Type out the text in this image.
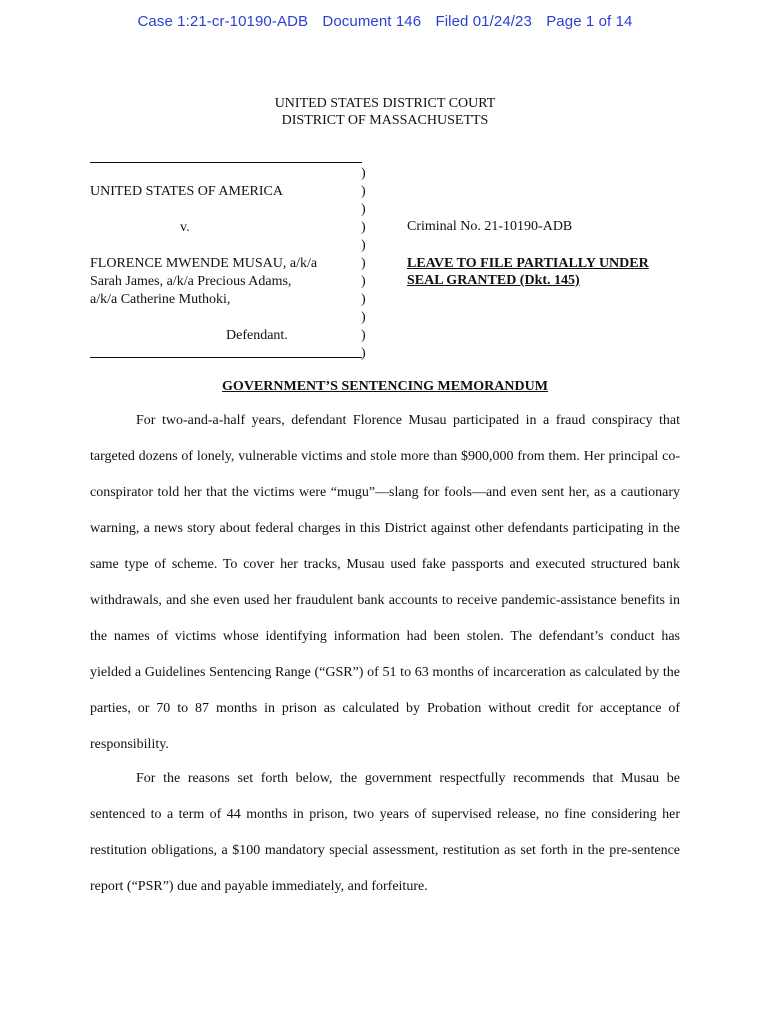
Case 1:21-cr-10190-ADB Document 146 Filed 01/24/23 Page 1 of 14
UNITED STATES DISTRICT COURT
DISTRICT OF MASSACHUSETTS
UNITED STATES OF AMERICA
v.
FLORENCE MWENDE MUSAU, a/k/a
Sarah James, a/k/a Precious Adams,
a/k/a Catherine Muthoki,
Defendant.
)
)
)
)
)
)
)
)
)
)
)
Criminal No. 21-10190-ADB
LEAVE TO FILE PARTIALLY UNDER
SEAL GRANTED (Dkt. 145)
GOVERNMENT’S SENTENCING MEMORANDUM

For two-and-a-half years, defendant Florence Musau participated in a fraud conspiracy that targeted dozens of lonely, vulnerable victims and stole more than $900,000 from them. Her principal co-conspirator told her that the victims were “mugu”—slang for fools—and even sent her, as a cautionary warning, a news story about federal charges in this District against other defendants participating in the same type of scheme. To cover her tracks, Musau used fake passports and executed structured bank withdrawals, and she even used her fraudulent bank accounts to receive pandemic-assistance benefits in the names of victims whose identifying information had been stolen. The defendant’s conduct has yielded a Guidelines Sentencing Range (“GSR”) of 51 to 63 months of incarceration as calculated by the parties, or 70 to 87 months in prison as calculated by Probation without credit for acceptance of responsibility.

For the reasons set forth below, the government respectfully recommends that Musau be sentenced to a term of 44 months in prison, two years of supervised release, no fine considering her restitution obligations, a $100 mandatory special assessment, restitution as set forth in the pre-sentence report (“PSR”) due and payable immediately, and forfeiture.
